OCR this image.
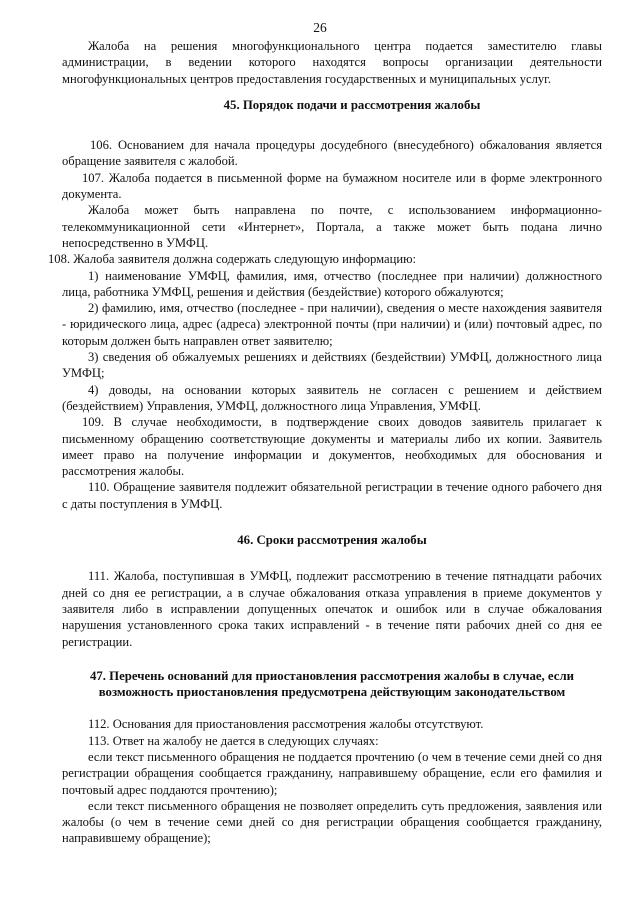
26

Жалоба на решения многофункционального центра подается заместителю главы администрации, в ведении которого находятся вопросы организации деятельности многофункциональных центров предоставления государственных и муниципальных услуг.

45. Порядок подачи и рассмотрения жалобы

106. Основанием для начала процедуры досудебного (внесудебного) обжалования является обращение заявителя с жалобой.

107. Жалоба подается в письменной форме на бумажном носителе или в форме электронного документа.

Жалоба может быть направлена по почте, с использованием информационно-телекоммуникационной сети «Интернет», Портала, а также может быть подана лично непосредственно в УМФЦ.

108. Жалоба заявителя должна содержать следующую информацию:

1) наименование УМФЦ, фамилия, имя, отчество (последнее при наличии) должностного лица, работника УМФЦ, решения и действия (бездействие) которого обжалуются;

2) фамилию, имя, отчество (последнее - при наличии), сведения о месте нахождения заявителя - юридического лица, адрес (адреса) электронной почты (при наличии) и (или) почтовый адрес, по которым должен быть направлен ответ заявителю;

3) сведения об обжалуемых решениях и действиях (бездействии) УМФЦ, должностного лица УМФЦ;

4) доводы, на основании которых заявитель не согласен с решением и действием (бездействием) Управления, УМФЦ, должностного лица Управления, УМФЦ.

109. В случае необходимости, в подтверждение своих доводов заявитель прилагает к письменному обращению соответствующие документы и материалы либо их копии. Заявитель имеет право на получение информации и документов, необходимых для обоснования и рассмотрения жалобы.

110. Обращение заявителя подлежит обязательной регистрации в течение одного рабочего дня с даты поступления в УМФЦ.

46. Сроки рассмотрения жалобы

111. Жалоба, поступившая в УМФЦ, подлежит рассмотрению в течение пятнадцати рабочих дней со дня ее регистрации, а в случае обжалования отказа управления в приеме документов у заявителя либо в исправлении допущенных опечаток и ошибок или в случае обжалования нарушения установленного срока таких исправлений - в течение пяти рабочих дней со дня ее регистрации.

47. Перечень оснований для приостановления рассмотрения жалобы в случае, если возможность приостановления предусмотрена действующим законодательством

112. Основания для приостановления рассмотрения жалобы отсутствуют.

113. Ответ на жалобу не дается в следующих случаях:

если текст письменного обращения не поддается прочтению (о чем в течение семи дней со дня регистрации обращения сообщается гражданину, направившему обращение, если его фамилия и почтовый адрес поддаются прочтению);

если текст письменного обращения не позволяет определить суть предложения, заявления или жалобы (о чем в течение семи дней со дня регистрации обращения сообщается гражданину, направившему обращение);
